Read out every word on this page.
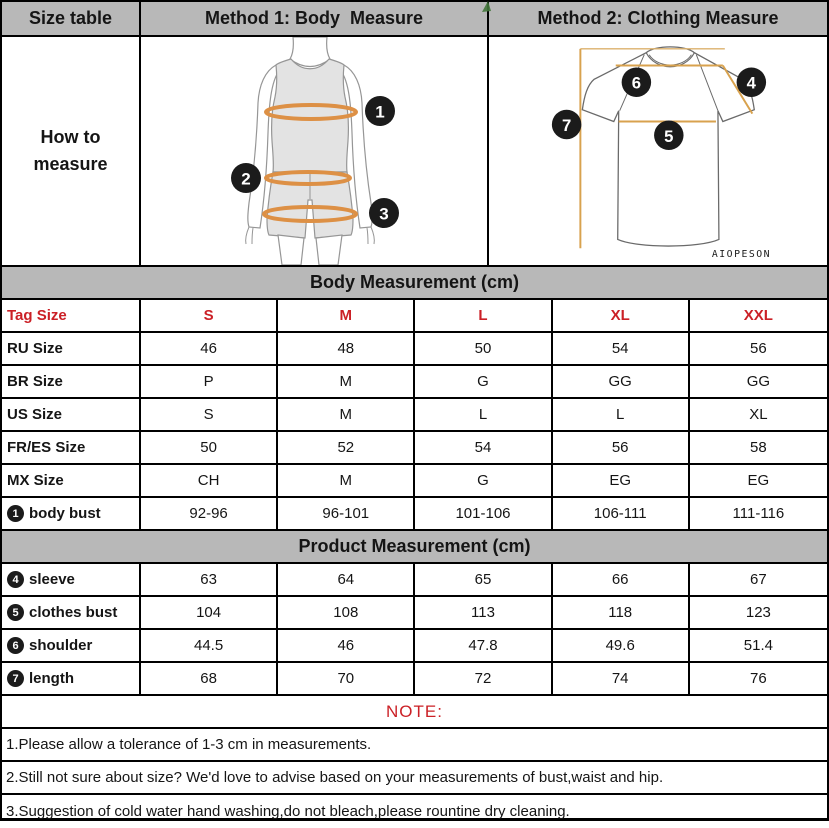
Size table	Method 1: Body  Measure	Method 2: Clothing Measure
How to
measure
1
2
3
6	4
7
5
AIOPESON
Body Measurement (cm)
Tag Size	S	M	L	XL	XXL
RU Size	46	48	50	54	56
BR Size	P	M	G	GG	GG
US Size	S	M	L	L	XL
FR/ES Size	50	52	54	56	58
MX Size	CH	M	G	EG	EG
1 body bust	92-96	96-101	101-106	106-111	111-116
Product Measurement (cm)
4 sleeve	63	64	65	66	67
5 clothes bust	104	108	113	118	123
6 shoulder	44.5	46	47.8	49.6	51.4
7 length	68	70	72	74	76
NOTE:
1.Please allow a tolerance of 1-3 cm in measurements.
2.Still not sure about size? We'd love to advise based on your measurements of bust,waist and hip.
3.Suggestion of cold water hand washing,do not bleach,please rountine dry cleaning.
